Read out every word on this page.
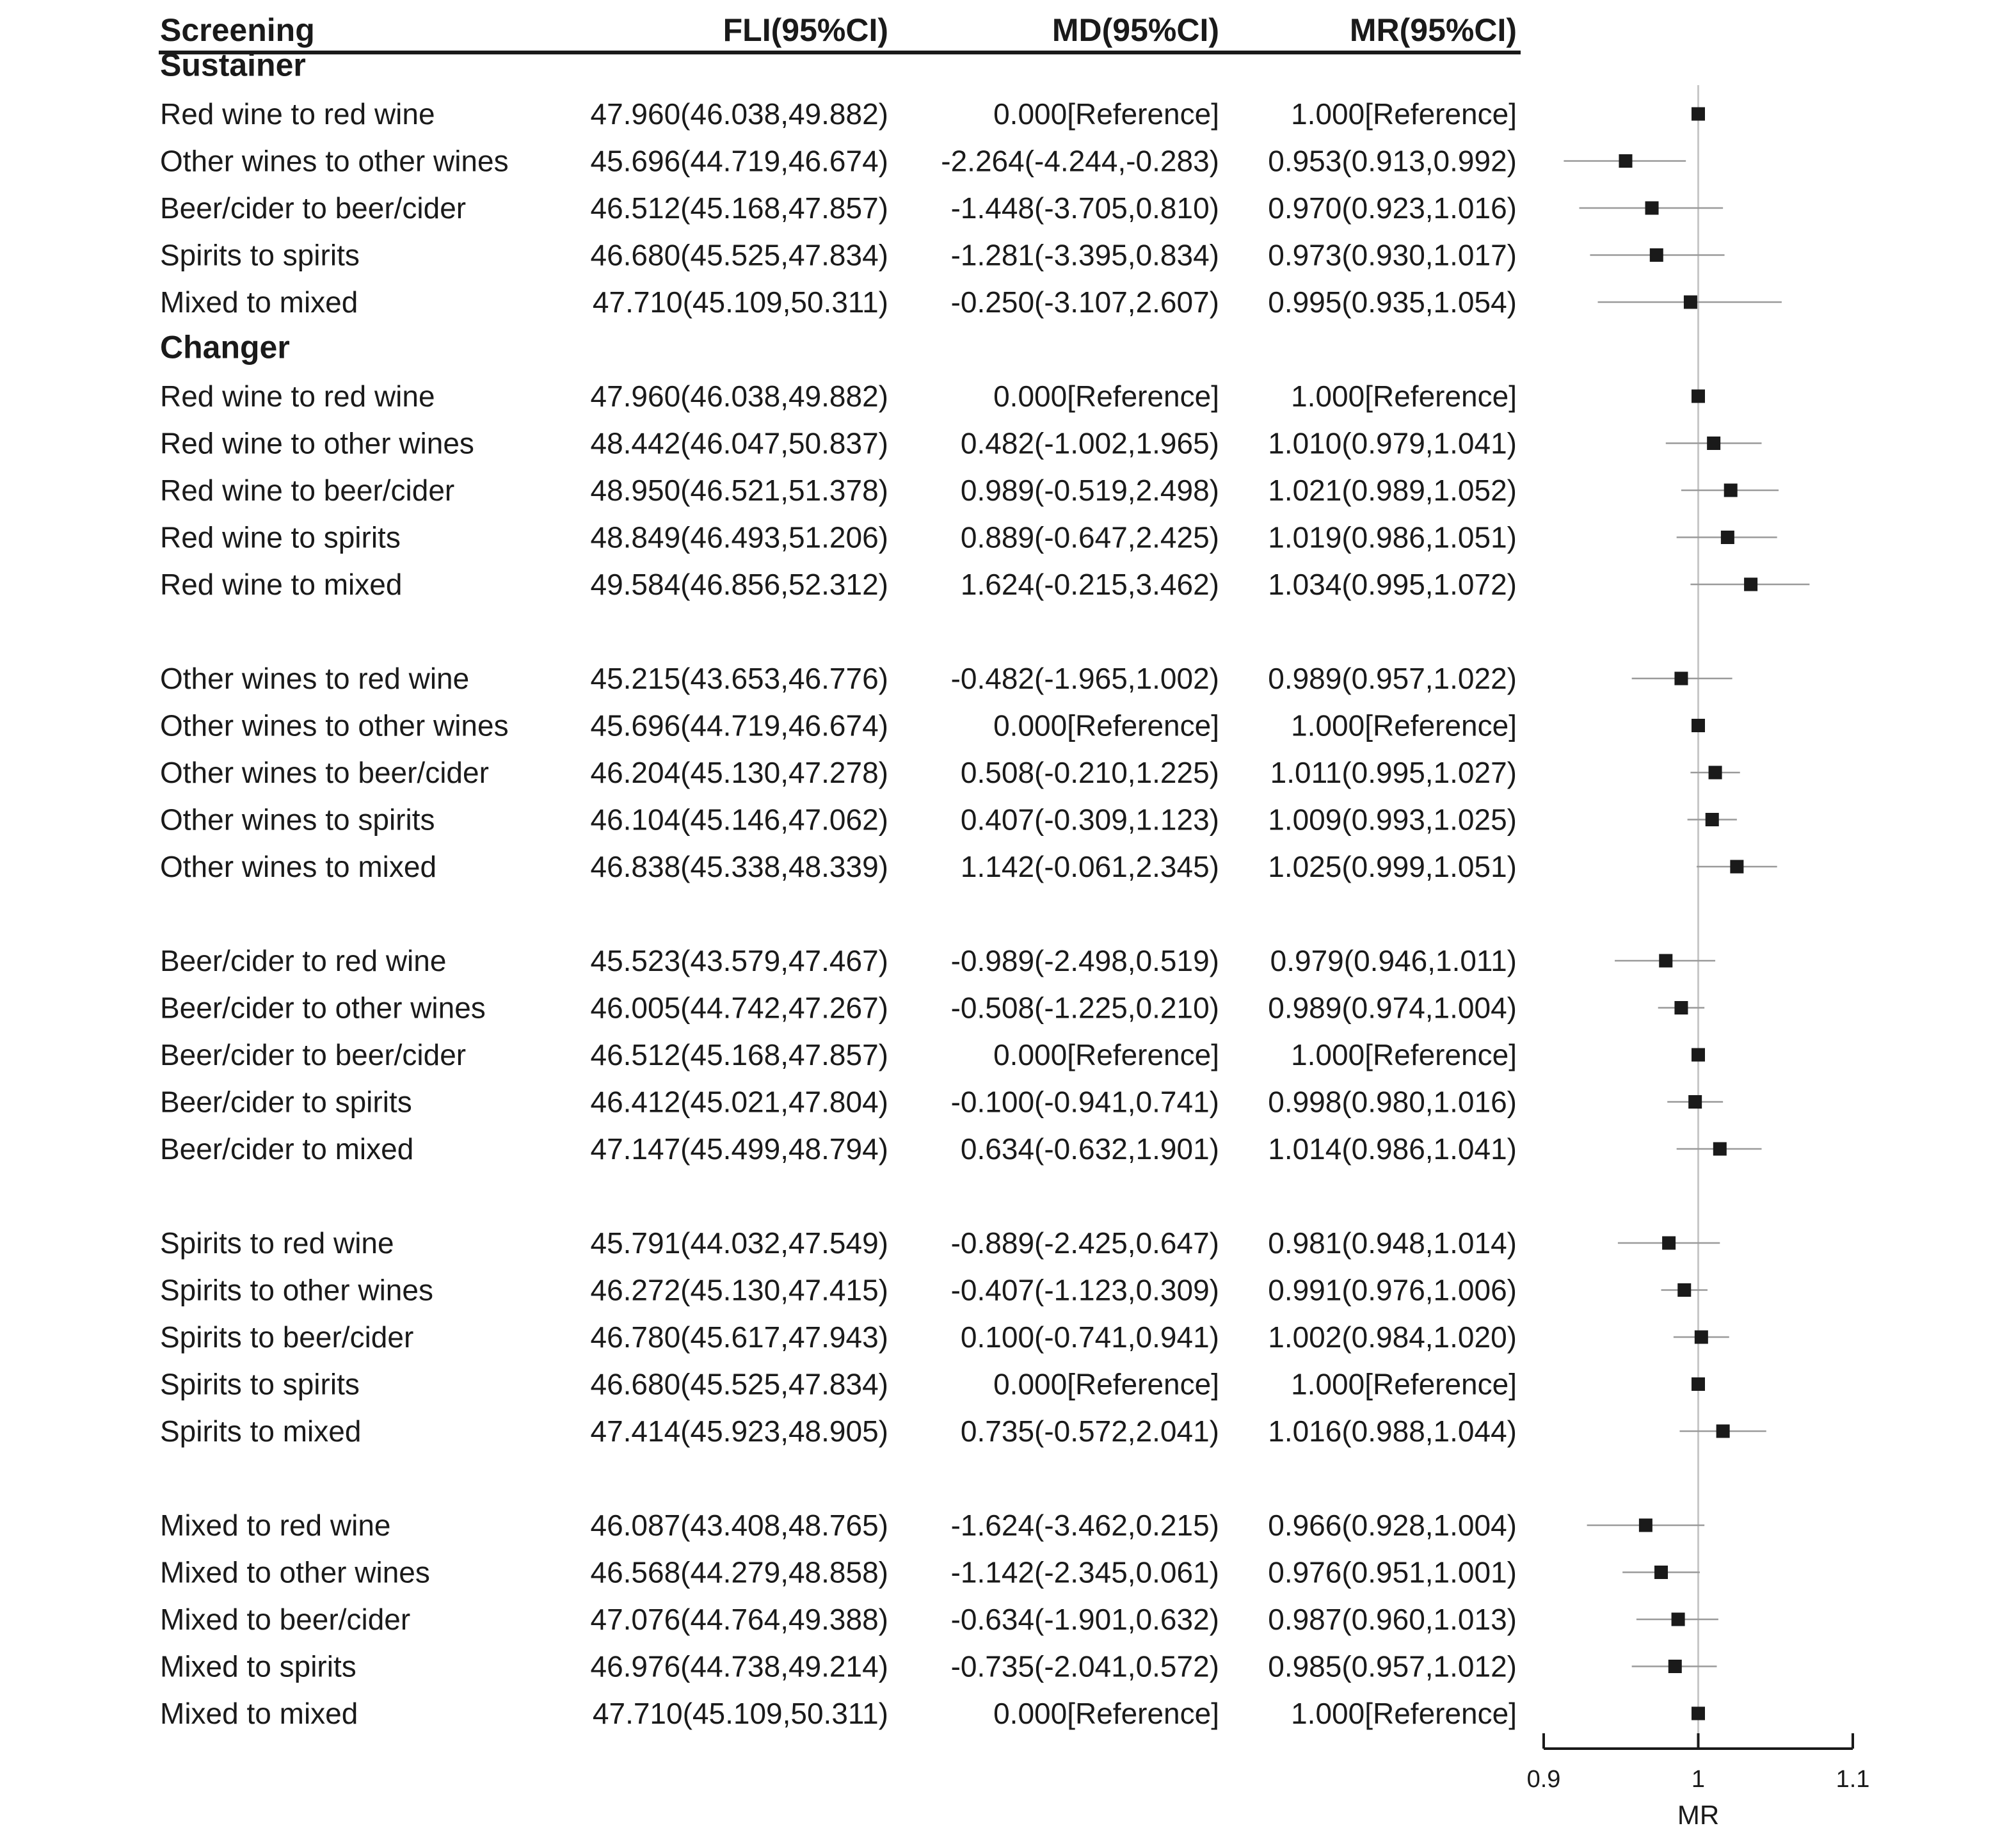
Screening	FLI(95%CI)	MD(95%CI)	MR(95%CI)
Sustainer
Red wine to red wine	47.960(46.038,49.882)	0.000[Reference] 1.000[Reference]
Other wines to other wines	45.696(44.719,46.674) -2.264(-4.244,-0.283) 0.953(0.913,0.992)
Beer/cider to beer/cider	46.512(45.168,47.857) -1.448(-3.705,0.810) 0.970(0.923,1.016)
Spirits to spirits	46.680(45.525,47.834) -1.281(-3.395,0.834) 0.973(0.930,1.017)
Mixed to mixed	47.710(45.109,50.311) -0.250(-3.107,2.607) 0.995(0.935,1.054)
Changer
Red wine to red wine	47.960(46.038,49.882)	0.000[Reference] 1.000[Reference]
Red wine to other wines	48.442(46.047,50.837) 0.482(-1.002,1.965) 1.010(0.979,1.041)
Red wine to beer/cider	48.950(46.521,51.378) 0.989(-0.519,2.498) 1.021(0.989,1.052)
Red wine to spirits	48.849(46.493,51.206) 0.889(-0.647,2.425) 1.019(0.986,1.051)
Red wine to mixed	49.584(46.856,52.312) 1.624(-0.215,3.462) 1.034(0.995,1.072)
Other wines to red wine	45.215(43.653,46.776) -0.482(-1.965,1.002) 0.989(0.957,1.022)
Other wines to other wines	45.696(44.719,46.674)	0.000[Reference] 1.000[Reference]
Other wines to beer/cider	46.204(45.130,47.278) 0.508(-0.210,1.225) 1.011(0.995,1.027)
Other wines to spirits	46.104(45.146,47.062) 0.407(-0.309,1.123) 1.009(0.993,1.025)
Other wines to mixed	46.838(45.338,48.339) 1.142(-0.061,2.345) 1.025(0.999,1.051)
Beer/cider to red wine	45.523(43.579,47.467) -0.989(-2.498,0.519) 0.979(0.946,1.011)
Beer/cider to other wines	46.005(44.742,47.267) -0.508(-1.225,0.210) 0.989(0.974,1.004)
Beer/cider to beer/cider	46.512(45.168,47.857)	0.000[Reference] 1.000[Reference]
Beer/cider to spirits	46.412(45.021,47.804) -0.100(-0.941,0.741) 0.998(0.980,1.016)
Beer/cider to mixed	47.147(45.499,48.794) 0.634(-0.632,1.901) 1.014(0.986,1.041)
Spirits to red wine	45.791(44.032,47.549) -0.889(-2.425,0.647) 0.981(0.948,1.014)
Spirits to other wines	46.272(45.130,47.415) -0.407(-1.123,0.309) 0.991(0.976,1.006)
Spirits to beer/cider	46.780(45.617,47.943) 0.100(-0.741,0.941) 1.002(0.984,1.020)
Spirits to spirits	46.680(45.525,47.834)	0.000[Reference] 1.000[Reference]
Spirits to mixed	47.414(45.923,48.905) 0.735(-0.572,2.041) 1.016(0.988,1.044)
Mixed to red wine	46.087(43.408,48.765) -1.624(-3.462,0.215) 0.966(0.928,1.004)
Mixed to other wines	46.568(44.279,48.858) -1.142(-2.345,0.061) 0.976(0.951,1.001)
Mixed to beer/cider	47.076(44.764,49.388) -0.634(-1.901,0.632) 0.987(0.960,1.013)
Mixed to spirits	46.976(44.738,49.214) -0.735(-2.041,0.572) 0.985(0.957,1.012)
Mixed to mixed	47.710(45.109,50.311)	0.000[Reference] 1.000[Reference]
0.9	1	1.1
MR
